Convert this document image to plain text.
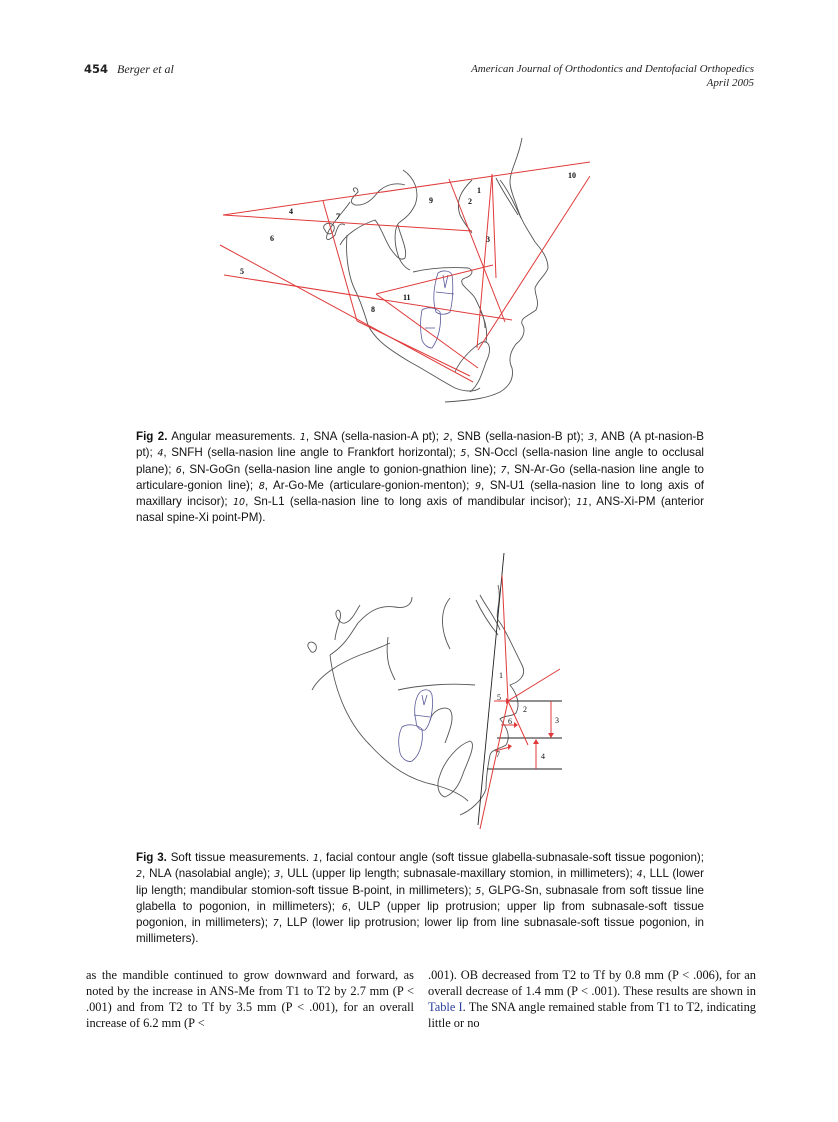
454 Berger et al	American Journal of Orthodontics and Dentofacial Orthopedics
April 2005
1
2
3
4
5
6
7
8
9
10
11
Fig 2. Angular measurements. 1, SNA (sella-nasion-A pt); 2, SNB (sella-nasion-B pt); 3, ANB (A pt-nasion-B pt); 4, SNFH (sella-nasion line angle to Frankfort horizontal); 5, SN-Occl (sella-nasion line angle to occlusal plane); 6, SN-GoGn (sella-nasion line angle to gonion-gnathion line); 7, SN-Ar-Go (sella-nasion line angle to articulare-gonion line); 8, Ar-Go-Me (articulare-gonion-menton); 9, SN-U1 (sella-nasion line to long axis of maxillary incisor); 10, Sn-L1 (sella-nasion line to long axis of mandibular incisor); 11, ANS-Xi-PM (anterior nasal spine-Xi point-PM).
1
2
3
4
5
6
7
Fig 3. Soft tissue measurements. 1, facial contour angle (soft tissue glabella-subnasale-soft tissue pogonion); 2, NLA (nasolabial angle); 3, ULL (upper lip length; subnasale-maxillary stomion, in millimeters); 4, LLL (lower lip length; mandibular stomion-soft tissue B-point, in millimeters); 5, GLPG-Sn, subnasale from soft tissue line glabella to pogonion, in millimeters); 6, ULP (upper lip protrusion; upper lip from subnasale-soft tissue pogonion, in millimeters); 7, LLP (lower lip protrusion; lower lip from line subnasale-soft tissue pogonion, in millimeters).
as the mandible continued to grow downward and forward, as noted by the increase in ANS-Me from T1 to T2 by 2.7 mm (P < .001) and from T2 to Tf by 3.5 mm (P < .001), for an overall increase of 6.2 mm (P <
.001). OB decreased from T2 to Tf by 0.8 mm (P < .006), for an overall decrease of 1.4 mm (P < .001). These results are shown in Table I. The SNA angle remained stable from T1 to T2, indicating little or no
